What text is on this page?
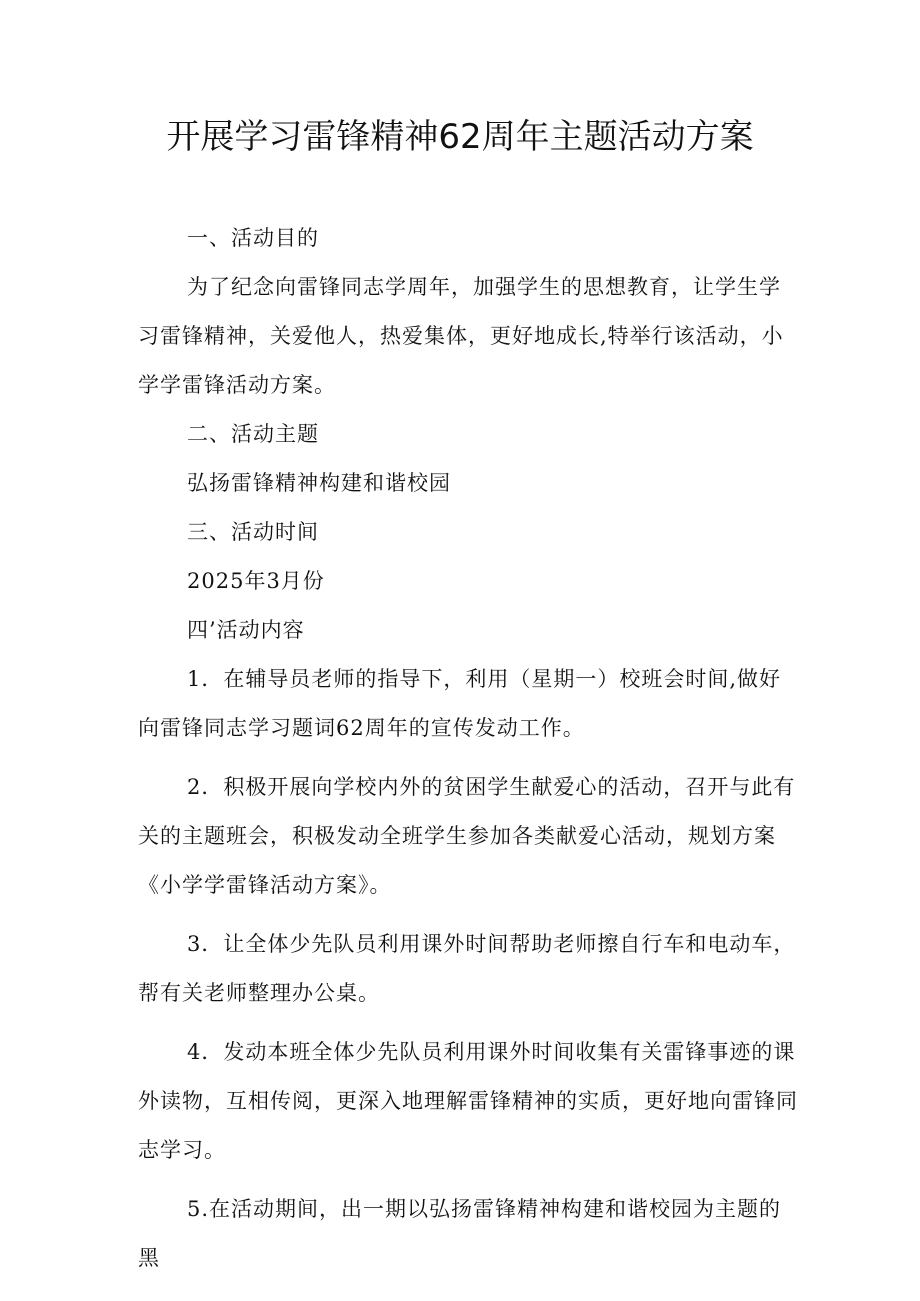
开展学习雷锋精神62周年主题活动方案

一、活动目的

为了纪念向雷锋同志学周年，加强学生的思想教育，让学生学习雷锋精神，关爱他人，热爱集体，更好地成长,特举行该活动，小学学雷锋活动方案。

二、活动主题

弘扬雷锋精神构建和谐校园

三、活动时间

2025年3月份

四’活动内容

1．在辅导员老师的指导下，利用（星期一）校班会时间,做好向雷锋同志学习题词62周年的宣传发动工作。

2．积极开展向学校内外的贫困学生献爱心的活动，召开与此有关的主题班会，积极发动全班学生参加各类献爱心活动，规划方案《小学学雷锋活动方案》。

3．让全体少先队员利用课外时间帮助老师擦自行车和电动车，帮有关老师整理办公桌。

4．发动本班全体少先队员利用课外时间收集有关雷锋事迹的课外读物，互相传阅，更深入地理解雷锋精神的实质，更好地向雷锋同志学习。

5.在活动期间，出一期以弘扬雷锋精神构建和谐校园为主题的黑
